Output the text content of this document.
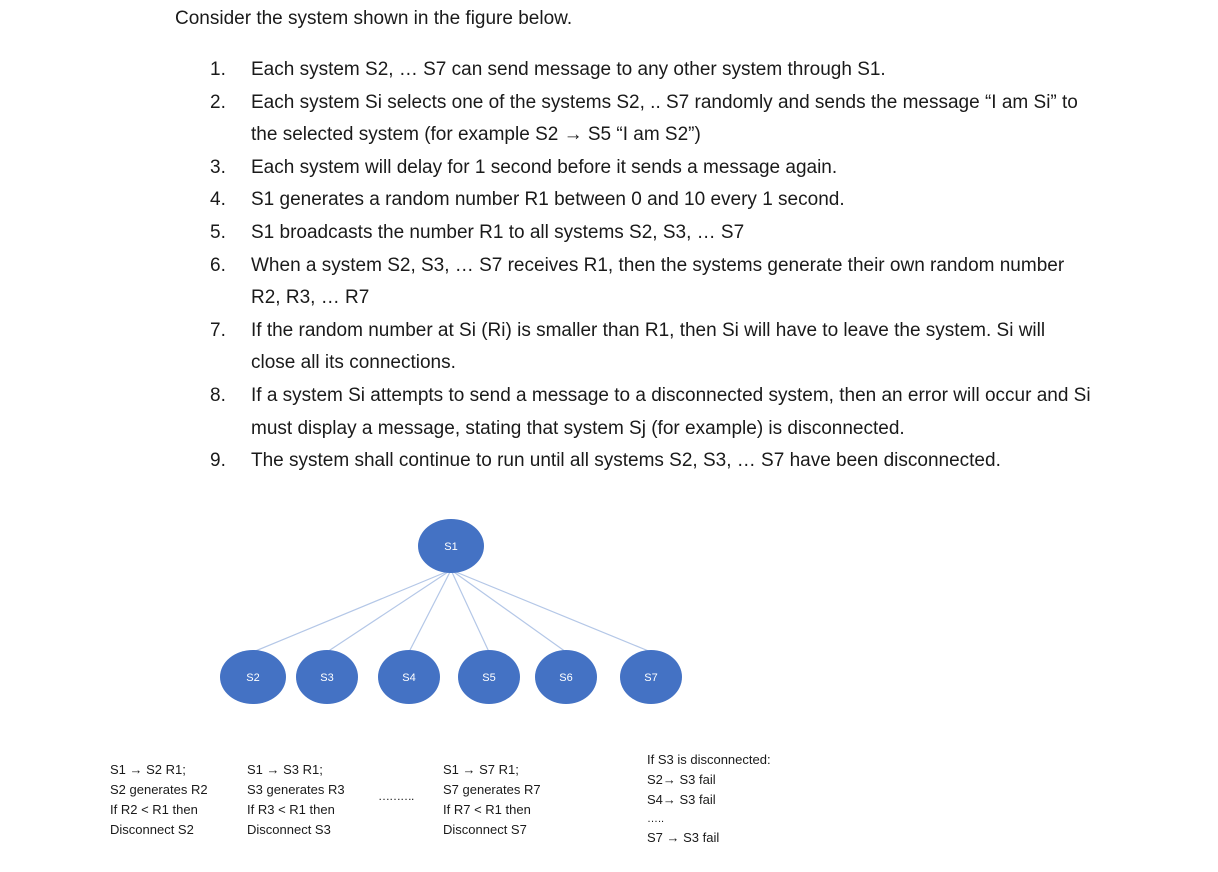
Consider the system shown in the figure below.
1. Each system S2, … S7 can send message to any other system through S1.
2. Each system Si selects one of the systems S2, .. S7 randomly and sends the message “I am Si” to the selected system (for example S2 → S5 “I am S2”)
3. Each system will delay for 1 second before it sends a message again.
4. S1 generates a random number R1 between 0 and 10 every 1 second.
5. S1 broadcasts the number R1 to all systems S2, S3, … S7
6. When a system S2, S3, … S7 receives R1, then the systems generate their own random number R2, R3, … R7
7. If the random number at Si (Ri) is smaller than R1, then Si will have to leave the system. Si will close all its connections.
8. If a system Si attempts to send a message to a disconnected system, then an error will occur and Si must display a message, stating that system Sj (for example) is disconnected.
9. The system shall continue to run until all systems S2, S3, … S7 have been disconnected.
S1
S2	S3	S4	S5	S6	S7
S1 → S2 R1;
S2 generates R2
If R2 < R1 then
Disconnect S2
S1 → S3 R1;
S3 generates R3
If R3 < R1 then
Disconnect S3
……….
S1 → S7 R1;
S7 generates R7
If R7 < R1 then
Disconnect S7
If S3 is disconnected:
S2→ S3 fail
S4→ S3 fail
…..
S7 → S3 fail
